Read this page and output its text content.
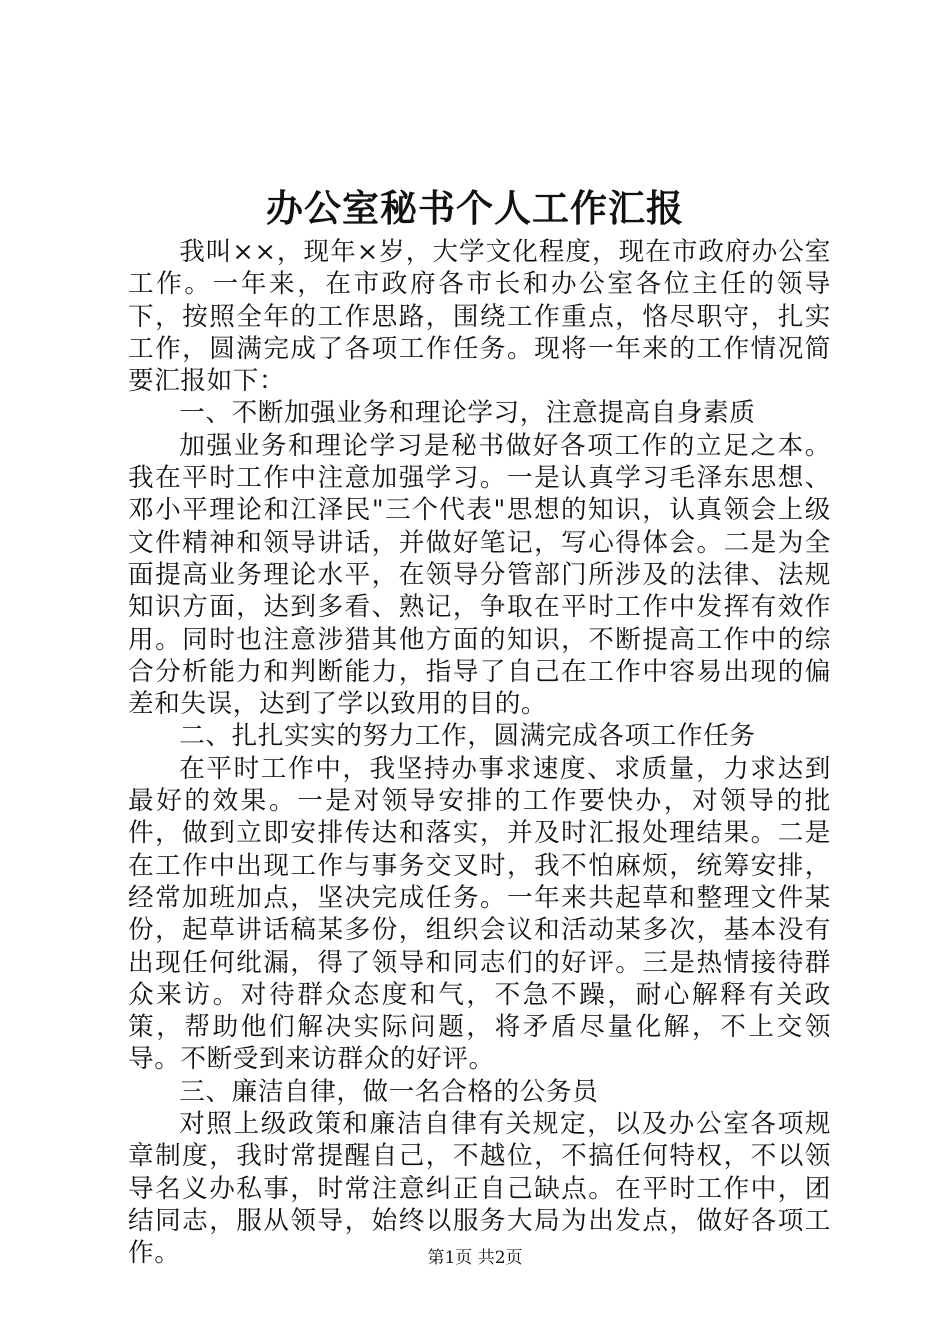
办公室秘书个人工作汇报

我叫××，现年×岁，大学文化程度，现在市政府办公室工作。一年来，在市政府各市长和办公室各位主任的领导下，按照全年的工作思路，围绕工作重点，恪尽职守，扎实工作，圆满完成了各项工作任务。现将一年来的工作情况简要汇报如下：

一、不断加强业务和理论学习，注意提高自身素质

加强业务和理论学习是秘书做好各项工作的立足之本。我在平时工作中注意加强学习。一是认真学习毛泽东思想、邓小平理论和江泽民"三个代表"思想的知识，认真领会上级文件精神和领导讲话，并做好笔记，写心得体会。二是为全面提高业务理论水平，在领导分管部门所涉及的法律、法规知识方面，达到多看、熟记，争取在平时工作中发挥有效作用。同时也注意涉猎其他方面的知识，不断提高工作中的综合分析能力和判断能力，指导了自己在工作中容易出现的偏差和失误，达到了学以致用的目的。

二、扎扎实实的努力工作，圆满完成各项工作任务

在平时工作中，我坚持办事求速度、求质量，力求达到最好的效果。一是对领导安排的工作要快办，对领导的批件，做到立即安排传达和落实，并及时汇报处理结果。二是在工作中出现工作与事务交叉时，我不怕麻烦，统筹安排，经常加班加点，坚决完成任务。一年来共起草和整理文件某份，起草讲话稿某多份，组织会议和活动某多次，基本没有出现任何纰漏，得了领导和同志们的好评。三是热情接待群众来访。对待群众态度和气，不急不躁，耐心解释有关政策，帮助他们解决实际问题，将矛盾尽量化解，不上交领导。不断受到来访群众的好评。

三、廉洁自律，做一名合格的公务员

对照上级政策和廉洁自律有关规定，以及办公室各项规章制度，我时常提醒自己，不越位，不搞任何特权，不以领导名义办私事，时常注意纠正自己缺点。在平时工作中，团结同志，服从领导，始终以服务大局为出发点，做好各项工作。	第1页 共2页
